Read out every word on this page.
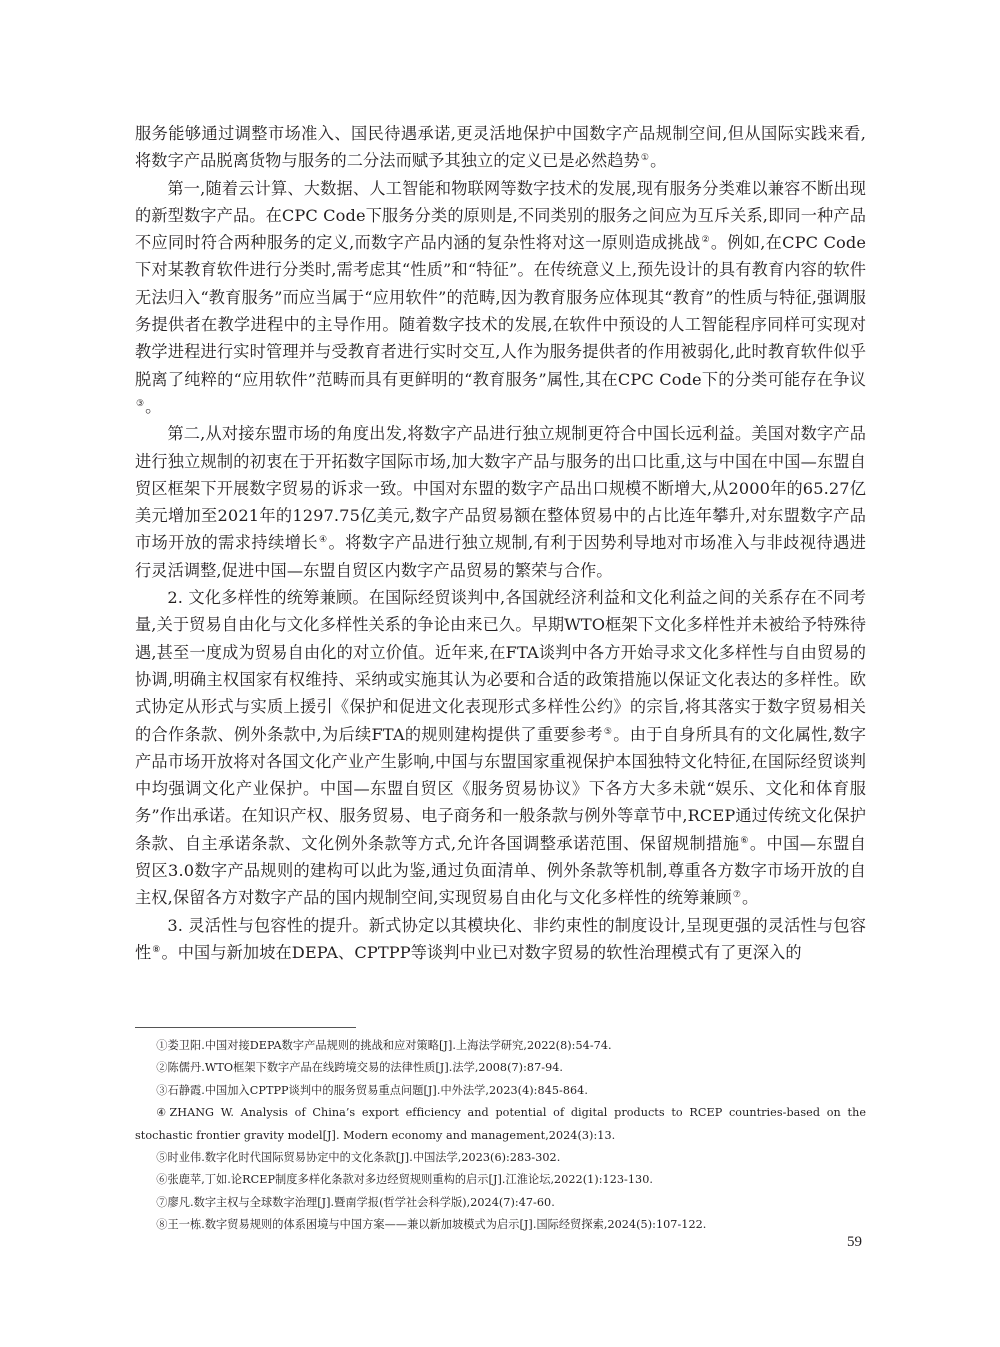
服务能够通过调整市场准入、国民待遇承诺,更灵活地保护中国数字产品规制空间,但从国际实践来看,将数字产品脱离货物与服务的二分法而赋予其独立的定义已是必然趋势①。

第一,随着云计算、大数据、人工智能和物联网等数字技术的发展,现有服务分类难以兼容不断出现的新型数字产品。在CPC Code下服务分类的原则是,不同类别的服务之间应为互斥关系,即同一种产品不应同时符合两种服务的定义,而数字产品内涵的复杂性将对这一原则造成挑战②。例如,在CPC Code下对某教育软件进行分类时,需考虑其“性质”和“特征”。在传统意义上,预先设计的具有教育内容的软件无法归入“教育服务”而应当属于“应用软件”的范畴,因为教育服务应体现其“教育”的性质与特征,强调服务提供者在教学进程中的主导作用。随着数字技术的发展,在软件中预设的人工智能程序同样可实现对教学进程进行实时管理并与受教育者进行实时交互,人作为服务提供者的作用被弱化,此时教育软件似乎脱离了纯粹的“应用软件”范畴而具有更鲜明的“教育服务”属性,其在CPC Code下的分类可能存在争议③。

第二,从对接东盟市场的角度出发,将数字产品进行独立规制更符合中国长远利益。美国对数字产品进行独立规制的初衷在于开拓数字国际市场,加大数字产品与服务的出口比重,这与中国在中国—东盟自贸区框架下开展数字贸易的诉求一致。中国对东盟的数字产品出口规模不断增大,从2000年的65.27亿美元增加至2021年的1297.75亿美元,数字产品贸易额在整体贸易中的占比连年攀升,对东盟数字产品市场开放的需求持续增长④。将数字产品进行独立规制,有利于因势利导地对市场准入与非歧视待遇进行灵活调整,促进中国—东盟自贸区内数字产品贸易的繁荣与合作。

2. 文化多样性的统筹兼顾。在国际经贸谈判中,各国就经济利益和文化利益之间的关系存在不同考量,关于贸易自由化与文化多样性关系的争论由来已久。早期WTO框架下文化多样性并未被给予特殊待遇,甚至一度成为贸易自由化的对立价值。近年来,在FTA谈判中各方开始寻求文化多样性与自由贸易的协调,明确主权国家有权维持、采纳或实施其认为必要和合适的政策措施以保证文化表达的多样性。欧式协定从形式与实质上援引《保护和促进文化表现形式多样性公约》的宗旨,将其落实于数字贸易相关的合作条款、例外条款中,为后续FTA的规则建构提供了重要参考⑤。由于自身所具有的文化属性,数字产品市场开放将对各国文化产业产生影响,中国与东盟国家重视保护本国独特文化特征,在国际经贸谈判中均强调文化产业保护。中国—东盟自贸区《服务贸易协议》下各方大多未就“娱乐、文化和体育服务”作出承诺。在知识产权、服务贸易、电子商务和一般条款与例外等章节中,RCEP通过传统文化保护条款、自主承诺条款、文化例外条款等方式,允许各国调整承诺范围、保留规制措施⑥。中国—东盟自贸区3.0数字产品规则的建构可以此为鉴,通过负面清单、例外条款等机制,尊重各方数字市场开放的自主权,保留各方对数字产品的国内规制空间,实现贸易自由化与文化多样性的统筹兼顾⑦。

3. 灵活性与包容性的提升。新式协定以其模块化、非约束性的制度设计,呈现更强的灵活性与包容性⑧。中国与新加坡在DEPA、CPTPP等谈判中业已对数字贸易的软性治理模式有了更深入的

①娄卫阳.中国对接DEPA数字产品规则的挑战和应对策略[J].上海法学研究,2022(8):54-74.

②陈儒丹.WTO框架下数字产品在线跨境交易的法律性质[J].法学,2008(7):87-94.

③石静霞.中国加入CPTPP谈判中的服务贸易重点问题[J].中外法学,2023(4):845-864.

④ZHANG W. Analysis of China’s export efficiency and potential of digital products to RCEP countries-based on the stochastic frontier gravity model[J]. Modern economy and management,2024(3):13.

⑤时业伟.数字化时代国际贸易协定中的文化条款[J].中国法学,2023(6):283-302.

⑥张鹿苹,丁如.论RCEP制度多样化条款对多边经贸规则重构的启示[J].江淮论坛,2022(1):123-130.

⑦廖凡.数字主权与全球数字治理[J].暨南学报(哲学社会科学版),2024(7):47-60.

⑧王一栋.数字贸易规则的体系困境与中国方案——兼以新加坡模式为启示[J].国际经贸探索,2024(5):107-122.

59
